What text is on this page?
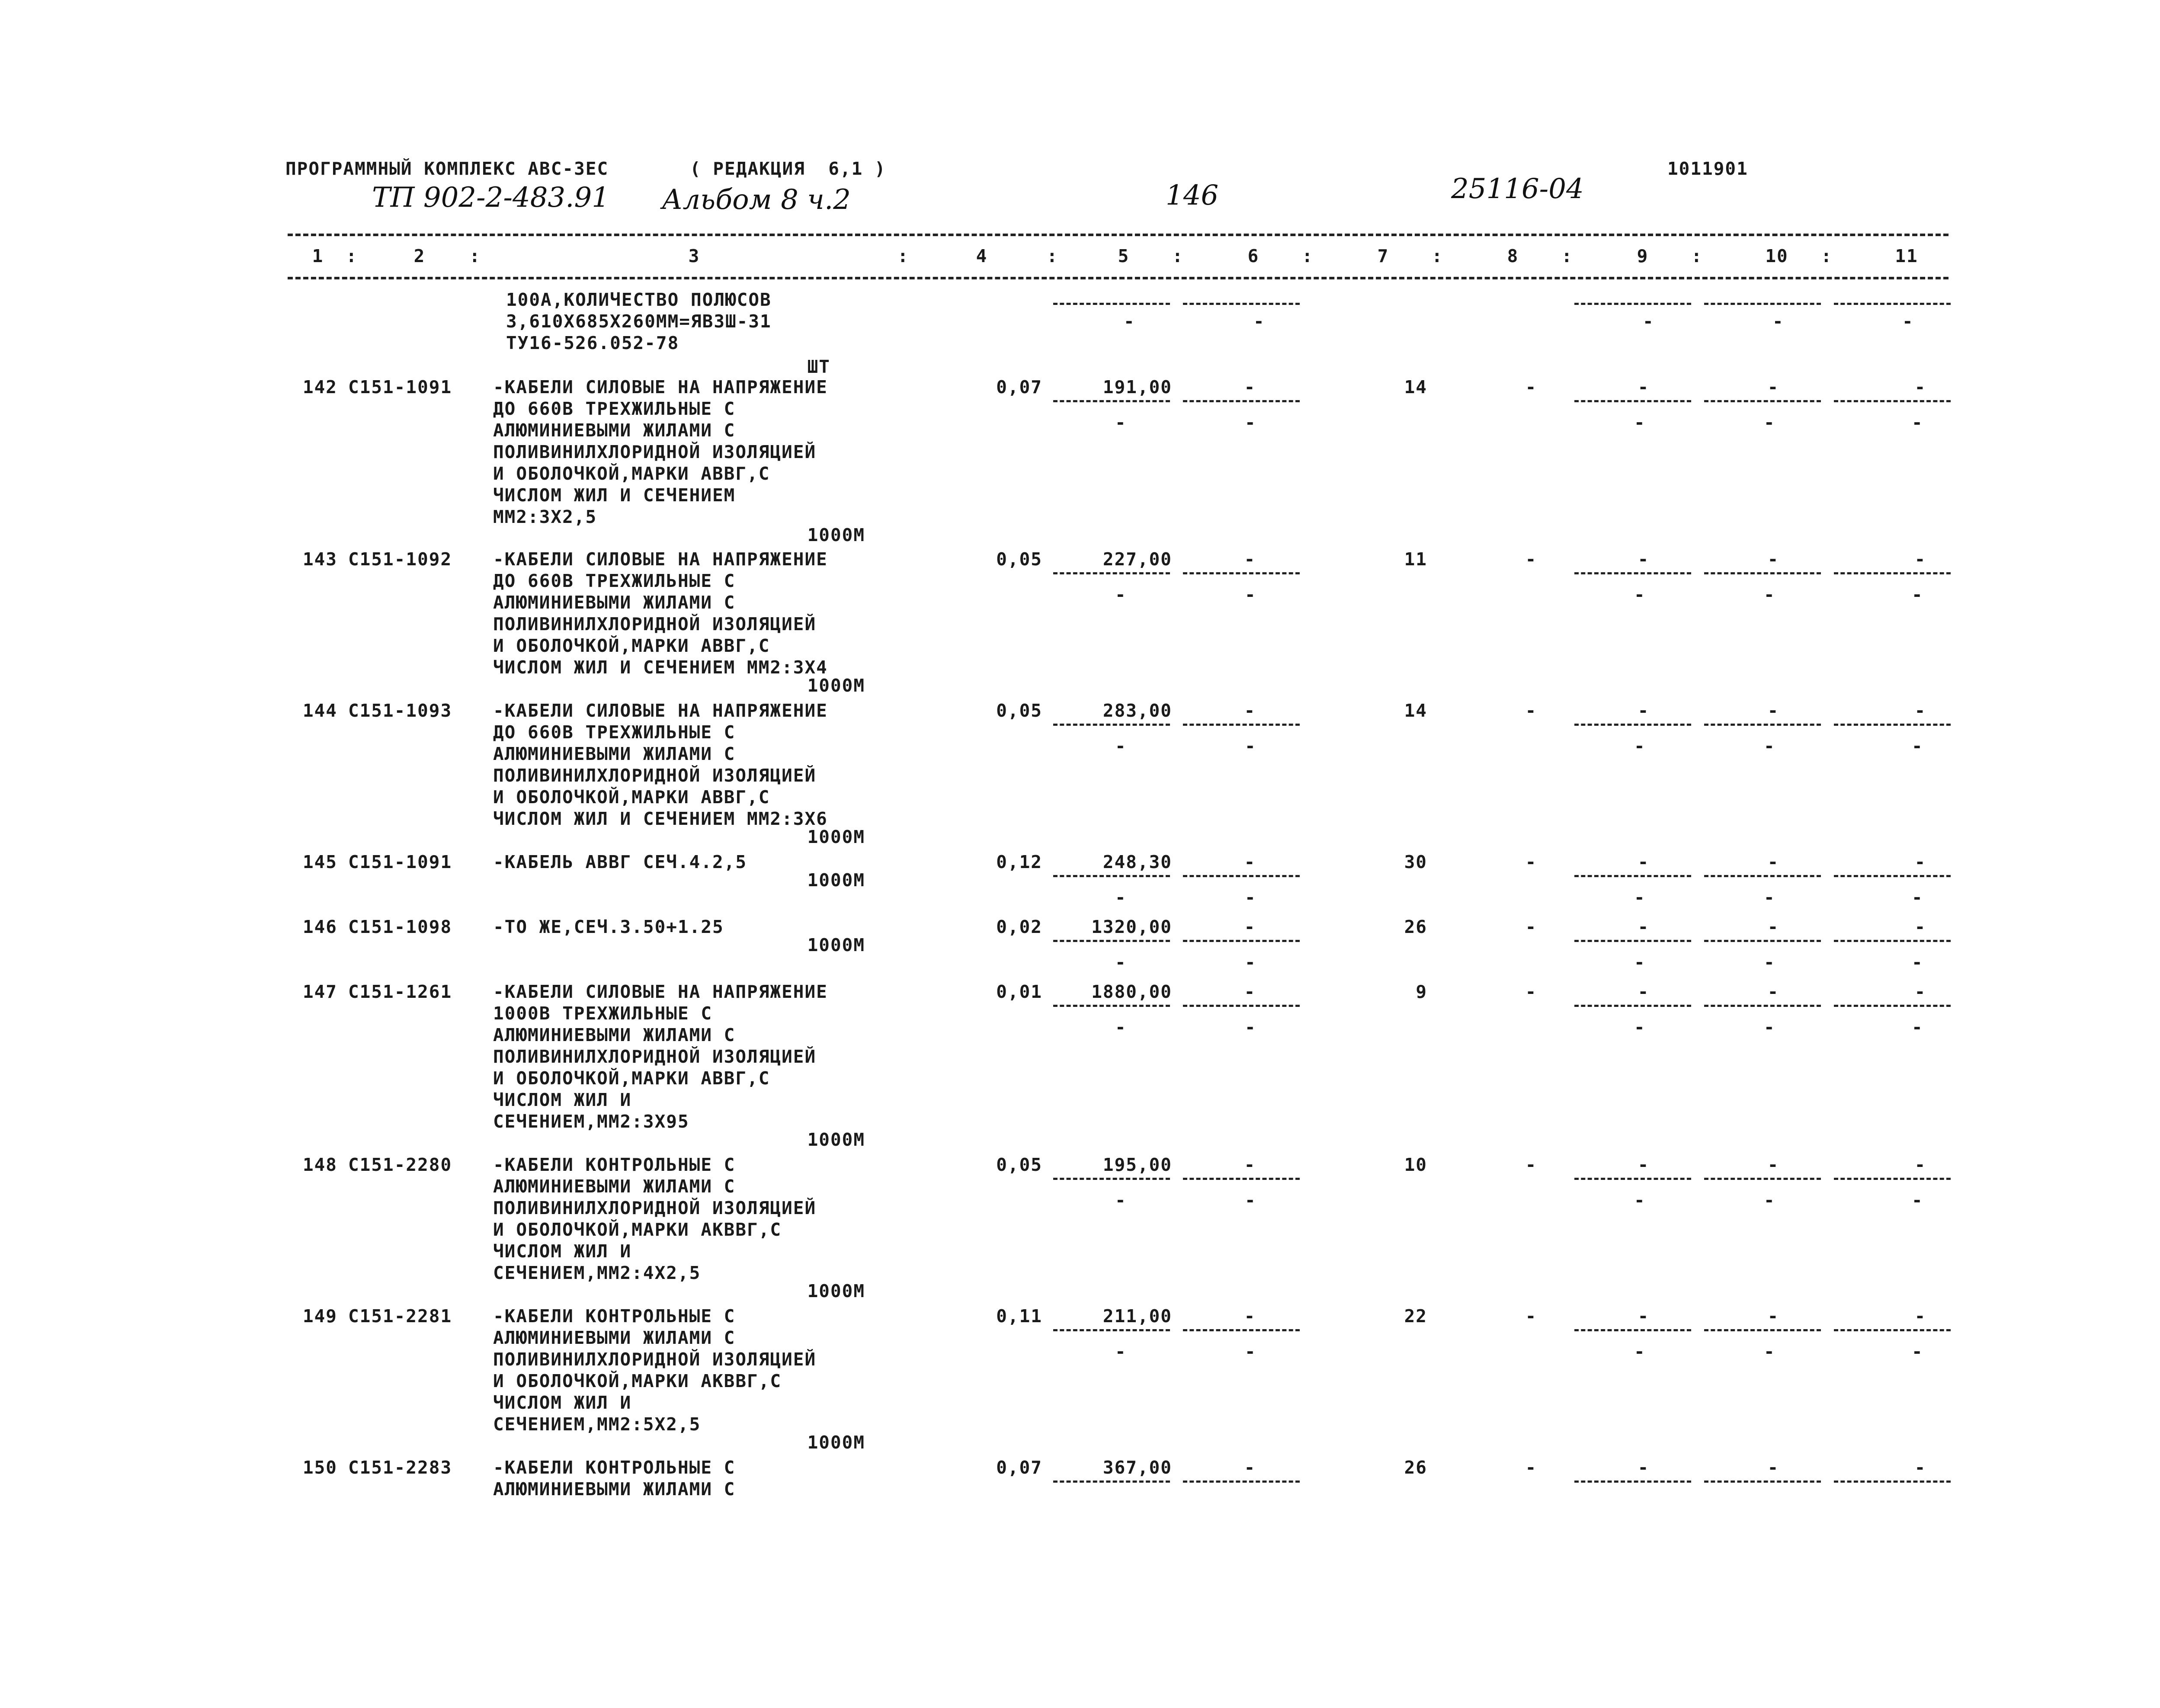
ПРОГРАММНЫЙ КОМПЛЕКС АВС-ЗЕС	( РЕДАКЦИЯ  6,1 )	1011901
ТП 902-2-483.91 Альбом 8 ч.2	146	25116-04
1	2	3	4	5	6	7	8	9	10	11
:	:	:	:	:	:	:	:	:	:
100А,КОЛИЧЕСТВО ПОЛЮСОВ
3,610Х685Х260ММ=ЯВЗШ-31
ТУ16-526.052-78
ШТ
-	-	-	-	-
142 С151-1091 -КАБЕЛИ СИЛОВЫЕ НА НАПРЯЖЕНИЕ
ДО 660В ТРЕХЖИЛЬНЫЕ С
АЛЮМИНИЕВЫМИ ЖИЛАМИ С
ПОЛИВИНИЛХЛОРИДНОЙ ИЗОЛЯЦИЕЙ
И ОБОЛОЧКОЙ,МАРКИ АВВГ,С
ЧИСЛОМ ЖИЛ И СЕЧЕНИЕМ
ММ2:3Х2,5
1000М
0,07	191,00	-	14	-	-	-	-
-	-	-	-	-
143 С151-1092 -КАБЕЛИ СИЛОВЫЕ НА НАПРЯЖЕНИЕ
ДО 660В ТРЕХЖИЛЬНЫЕ С
АЛЮМИНИЕВЫМИ ЖИЛАМИ С
ПОЛИВИНИЛХЛОРИДНОЙ ИЗОЛЯЦИЕЙ
И ОБОЛОЧКОЙ,МАРКИ АВВГ,С
ЧИСЛОМ ЖИЛ И СЕЧЕНИЕМ ММ2:3Х4
1000М
0,05	227,00	-	11	-	-	-	-
-	-	-	-	-
144 С151-1093 -КАБЕЛИ СИЛОВЫЕ НА НАПРЯЖЕНИЕ
ДО 660В ТРЕХЖИЛЬНЫЕ С
АЛЮМИНИЕВЫМИ ЖИЛАМИ С
ПОЛИВИНИЛХЛОРИДНОЙ ИЗОЛЯЦИЕЙ
И ОБОЛОЧКОЙ,МАРКИ АВВГ,С
ЧИСЛОМ ЖИЛ И СЕЧЕНИЕМ ММ2:3Х6
1000М
0,05	283,00	-	14	-	-	-	-
-	-	-	-	-
145 С151-1091 -КАБЕЛЬ АВВГ СЕЧ.4.2,5
1000М
0,12	248,30	-	30	-	-	-	-
-	-	-	-	-
146 С151-1098 -ТО ЖЕ,СЕЧ.3.50+1.25
1000М
0,02	1320,00	-	26	-	-	-	-
-	-	-	-	-
147 С151-1261 -КАБЕЛИ СИЛОВЫЕ НА НАПРЯЖЕНИЕ
1000В ТРЕХЖИЛЬНЫЕ С
АЛЮМИНИЕВЫМИ ЖИЛАМИ С
ПОЛИВИНИЛХЛОРИДНОЙ ИЗОЛЯЦИЕЙ
И ОБОЛОЧКОЙ,МАРКИ АВВГ,С
ЧИСЛОМ ЖИЛ И
СЕЧЕНИЕМ,ММ2:3Х95
1000М
0,01	1880,00	-	9	-	-	-	-
-	-	-	-	-
148 С151-2280 -КАБЕЛИ КОНТРОЛЬНЫЕ С
АЛЮМИНИЕВЫМИ ЖИЛАМИ С
ПОЛИВИНИЛХЛОРИДНОЙ ИЗОЛЯЦИЕЙ
И ОБОЛОЧКОЙ,МАРКИ АКВВГ,С
ЧИСЛОМ ЖИЛ И
СЕЧЕНИЕМ,ММ2:4Х2,5
1000М
0,05	195,00	-	10	-	-	-	-
-	-	-	-	-
149 С151-2281 -КАБЕЛИ КОНТРОЛЬНЫЕ С
АЛЮМИНИЕВЫМИ ЖИЛАМИ С
ПОЛИВИНИЛХЛОРИДНОЙ ИЗОЛЯЦИЕЙ
И ОБОЛОЧКОЙ,МАРКИ АКВВГ,С
ЧИСЛОМ ЖИЛ И
СЕЧЕНИЕМ,ММ2:5Х2,5
1000М
0,11	211,00	-	22	-	-	-	-
-	-	-	-	-
150 С151-2283 -КАБЕЛИ КОНТРОЛЬНЫЕ С
АЛЮМИНИЕВЫМИ ЖИЛАМИ С
0,07	367,00	-	26	-	-	-	-
